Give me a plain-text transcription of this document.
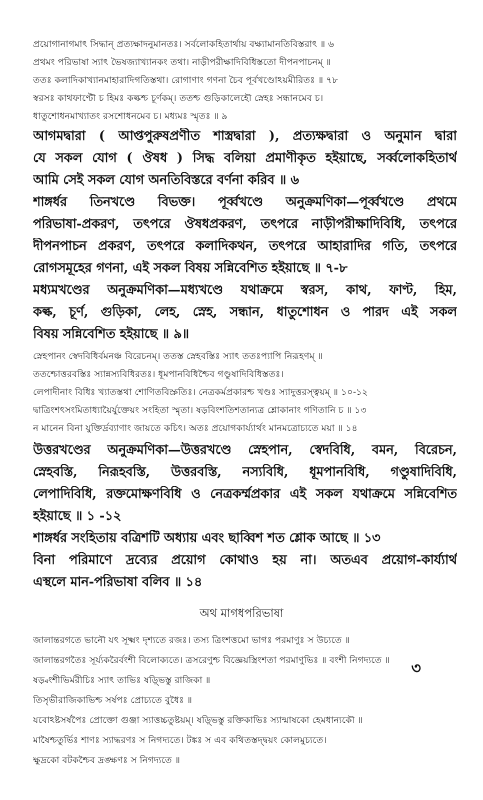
প্রয়োগানাগমাৎ সিদ্ধান্ প্রত্যক্ষাদনুমানতঃ। সর্বলোকহিতার্থায় বক্ষ্যামানতিবিস্তরাৎ ॥ ৬
প্রথমং পরিভাষা স্যাৎ ভৈষজ্যাখ্যানকং তথা। নাড়ীপরীক্ষাদিবিধিস্ততো দীপনপাচনম্ ॥
ততঃ কলাদিকাখ্যানমাহারাদিগতিস্তথা। রোগাণাং গণনা চৈব পূর্বখণ্ডোঽয়মীরিতঃ ॥ ৭৮
স্বরসঃ কাথফাণ্টৌ চ হিমঃ কল্কশ্চ চূর্ণকম্। ততশ্চ গুড়িকালেহৌ স্নেহঃ সন্ধানমেব চ।
ধাতুশোধনমাখ্যাতং রসশোধনমেব চ। মধ্যমঃ স্মৃতঃ ॥ ৯
আগমদ্বারা ( আপ্তপুরুষপ্রণীত শাস্ত্রদ্বারা ), প্রত্যক্ষদ্বারা ও অনুমান দ্বারা
যে সকল যোগ ( ঔষধ ) সিদ্ধ বলিয়া প্রমাণীকৃত হইয়াছে, সর্ব্বলোকহিতার্থ
আমি সেই সকল যোগ অনতিবিস্তরে বর্ণনা করিব ॥ ৬
শাঙ্গর্ধর তিনখণ্ডে বিভক্ত। পূর্ব্বখণ্ডে অনুক্রমণিকা—পূর্ব্বখণ্ডে প্রথমে
পরিভাষা-প্রকরণ, তৎপরে ঔষধপ্রকরণ, তৎপরে নাড়ীপরীক্ষাদিবিধি, তৎপরে
দীপনপাচন প্রকরণ, তৎপরে কলাদিকথন, তৎপরে আহারাদির গতি, তৎপরে
রোগসমূহের গণনা, এই সকল বিষয় সন্নিবেশিত হইয়াছে ॥ ৭-৮
মধ্যমখণ্ডের অনুক্রমণিকা—মধ্যখণ্ডে যথাক্রমে স্বরস, কাথ, ফাণ্ট, হিম,
কল্ক, চূর্ণ, গুড়িকা, লেহ, স্নেহ, সন্ধান, ধাতুশোধন ও পারদ এই সকল
বিষয় সন্নিবেশিত হইয়াছে ॥ ৯॥
স্নেহপানং স্বেদবিধির্বমনঞ্চ বিরেচনম্। ততস্ত স্নেহবস্তিঃ স্যাৎ ততঃপ্যাপি নিরূহণম্ ॥
ততশ্চোত্তরবস্তিঃ স্যান্নস্যবিধিরতঃ। ধূমপানবিধিশ্চৈব গণ্ডুষাদিবিধিস্ততঃ।
লেপাদীনাং বিধিঃ খ্যাতস্তথা শোণিতবিস্রুতিঃ। নেত্রকর্মপ্রকারশ্চ খণ্ডঃ স্যাদুত্তরস্ত্বয়ম্ ॥ ১০-১২
দ্বাত্রিংশৎসংমিতাধ্যায়ৈর্যুক্তেয়ং সংহিতা স্মৃতা। ষড়বিংশতিশতান্যত্র শ্লোকানাং গণিতানি চ ॥ ১৩
ন মানেন বিনা যুক্তির্দ্রব্যাণাং জায়তে কচিৎ। অতঃ প্রয়োগকার্য্যার্থং মানমত্রোচ্যতে ময়া ॥ ১৪
উত্তরখণ্ডের অনুক্রমণিকা—উত্তরখণ্ডে স্নেহপান, স্বেদবিধি, বমন, বিরেচন,
স্নেহবস্তি, নিরূহবস্তি, উত্তরবস্তি, নস্যবিধি, ধূমপানবিধি, গণ্ডুষাদিবিধি,
লেপাদিবিধি, রক্তমোক্ষণবিধি ও নেত্রকর্ম্মপ্রকার এই সকল যথাক্রমে সন্নিবেশিত
হইয়াছে ॥ ১ -১২
শাঙ্গর্ধর সংহিতায় বত্রিশটি অধ্যায় এবং ছাব্বিশ শত শ্লোক আছে ॥ ১৩
বিনা পরিমাণে দ্রব্যের প্রয়োগ কোথাও হয় না। অতএব প্রয়োগ-কার্য্যার্থ
এস্থলে মান-পরিভাষা বলিব ॥ ১৪
অথ মাগধপরিভাষা
জালান্তরগতে ভানৌ যৎ সূক্ষ্মং দৃশ্যতে রজঃ। তস্য ত্রিংশত্তমো ভাগঃ পরমাণুঃ স উচ্যতে ॥
জালান্তরগতৈঃ সূর্য্যকরৈর্বংশী বিলোক্যতে। ত্রসরেণুশ্চ বিজ্ঞেয়স্ত্রিংশতা পরমাণুভিঃ ॥ বংশী নিগদ্যতে ॥
ষড়্বংশীভির্মরীচিঃ স্যাৎ তাভিঃ ষড়্ভিস্তু রাজিকা ॥
তিসৃভীরাজিকাভিশ্চ সর্ষপঃ প্রোচ্যতে বুধৈঃ ॥
যবোঽষ্টসর্ষপৈঃ প্রোক্তো গুঞ্জা স্যাত্তচ্চতুষ্টয়ম্। ষড়্ভিস্তু রক্তিকাভিঃ স্যান্মাষকো হেমধান্যকৌ ॥
মাষৈশ্চতুর্ভিঃ শাণঃ স্যাদ্ধরণঃ স নিগদ্যতে। টঙ্কঃ স এব কথিতস্তদ্দ্বয়ং কোলমুচ্যতে।
ক্ষুদ্রকো বটকশ্চৈব দ্রঙ্ক্ষণঃ স নিগদ্যতে ॥
৩
